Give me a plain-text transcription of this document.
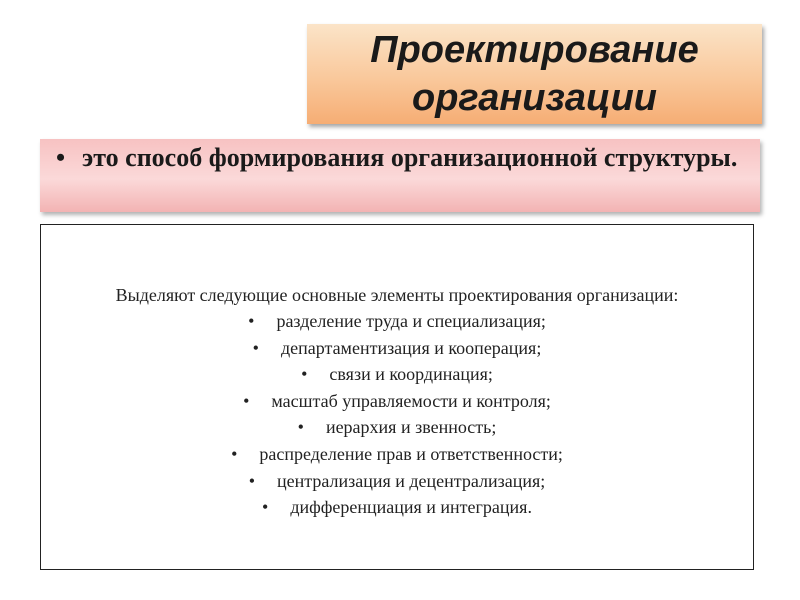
Проектирование
организации
• это способ формирования организационной структуры.

Выделяют следующие основные элементы проектирования организации:

• разделение труда и специализация;
• департаментизация и кооперация;
• связи и координация;
• масштаб управляемости и контроля;
• иерархия и звенность;
• распределение прав и ответственности;
• централизация и децентрализация;
• дифференциация и интеграция.
